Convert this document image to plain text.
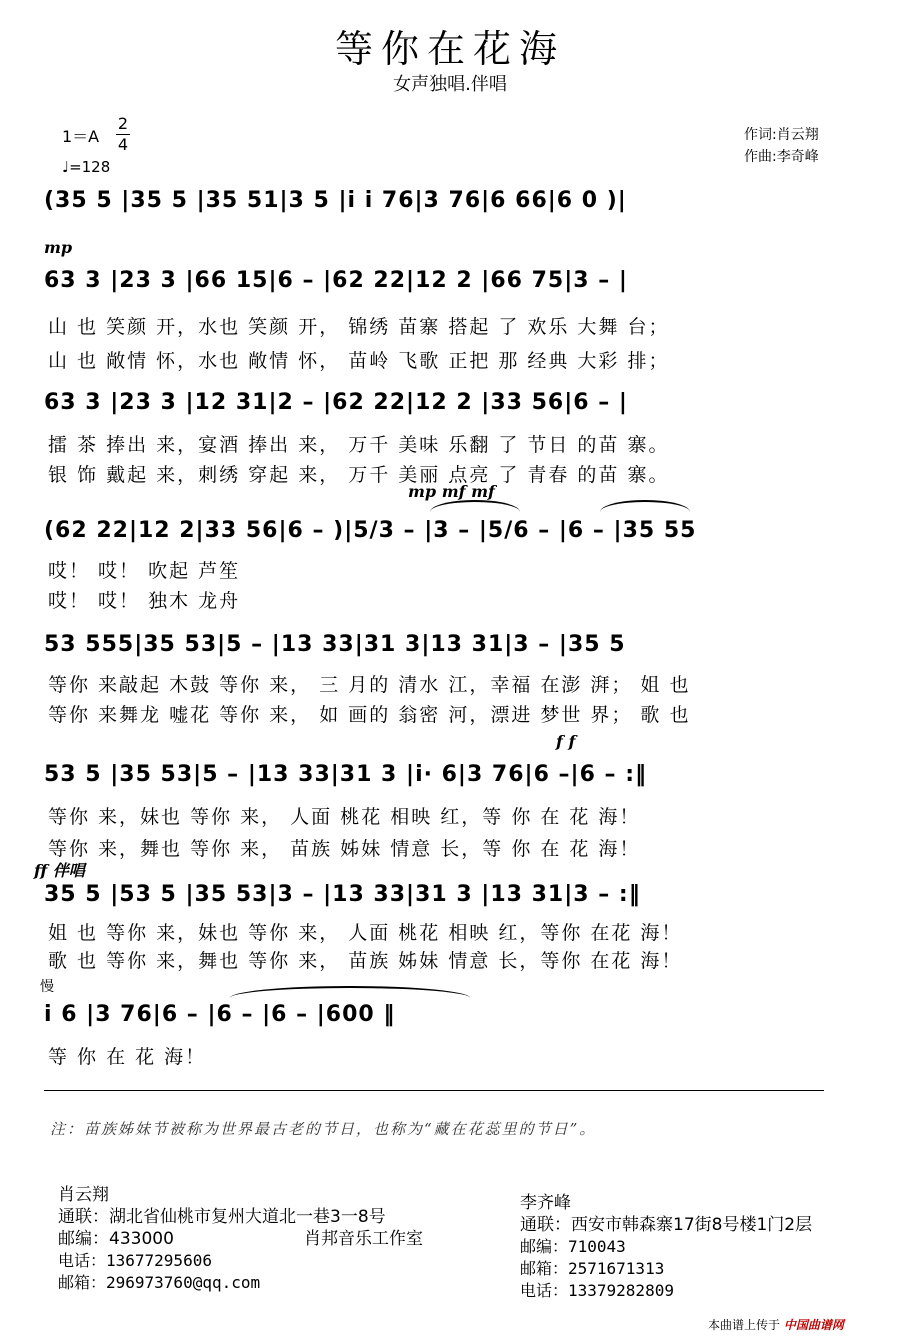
等你在花海
女声独唱.伴唱
1＝A
2
4
♩=128
作词:肖云翔
作曲:李奇峰
(35 5 |35 5 |35 51|3 5 |i i 76|3 76|6 66|6 0 )|
mp
63 3 |23 3 |66 15|6 – |62 22|12 2 |66 75|3 – |
山 也 笑颜 开，水也 笑颜 开， 锦绣 苗寨 搭起 了 欢乐 大舞 台；
山 也 敞情 怀，水也 敞情 怀， 苗岭 飞歌 正把 那 经典 大彩 排；
63 3 |23 3 |12 31|2 – |62 22|12 2 |33 56|6 – |
擂 茶 捧出 来，宴酒 捧出 来， 万千 美味 乐翻 了 节日 的苗 寨。
银 饰 戴起 来，刺绣 穿起 来， 万千 美丽 点亮 了 青春 的苗 寨。
mp mf mf
(62 22|12 2|33 56|6 – )|5/3 – |3 – |5/6 – |6 – |35 55
哎！ 哎！ 吹起 芦笙
哎！ 哎！ 独木 龙舟
53 555|35 53|5 – |13 33|31 3|13 31|3 – |35 5
等你 来敲起 木鼓 等你 来， 三 月的 清水 江，幸福 在澎 湃； 姐 也
等你 来舞龙 嘘花 等你 来， 如 画的 翁密 河，漂进 梦世 界； 歌 也
f f
53 5 |35 53|5 – |13 33|31 3 |i· 6|3 76|6 –|6 – :‖
等你 来，妹也 等你 来， 人面 桃花 相映 红，等 你 在 花 海！
等你 来，舞也 等你 来， 苗族 姊妹 情意 长，等 你 在 花 海！
ff 伴唱
35 5 |53 5 |35 53|3 – |13 33|31 3 |13 31|3 – :‖
姐 也 等你 来，妹也 等你 来， 人面 桃花 相映 红，等你 在花 海！
歌 也 等你 来，舞也 等你 来， 苗族 姊妹 情意 长，等你 在花 海！
慢
i 6 |3 76|6 – |6 – |6 – |600 ‖
等 你 在 花 海！
注：苗族姊妹节被称为世界最古老的节日，也称为“藏在花蕊里的节日”。
肖云翔
通联：湖北省仙桃市复州大道北一巷3一8号
邮编：433000
电话：13677295606
邮箱：296973760@qq.com
肖邦音乐工作室
李齐峰
通联：西安市韩森寨17街8号楼1门2层
邮编：710043
邮箱：2571671313
电话：13379282809
本曲谱上传于 中国曲谱网
